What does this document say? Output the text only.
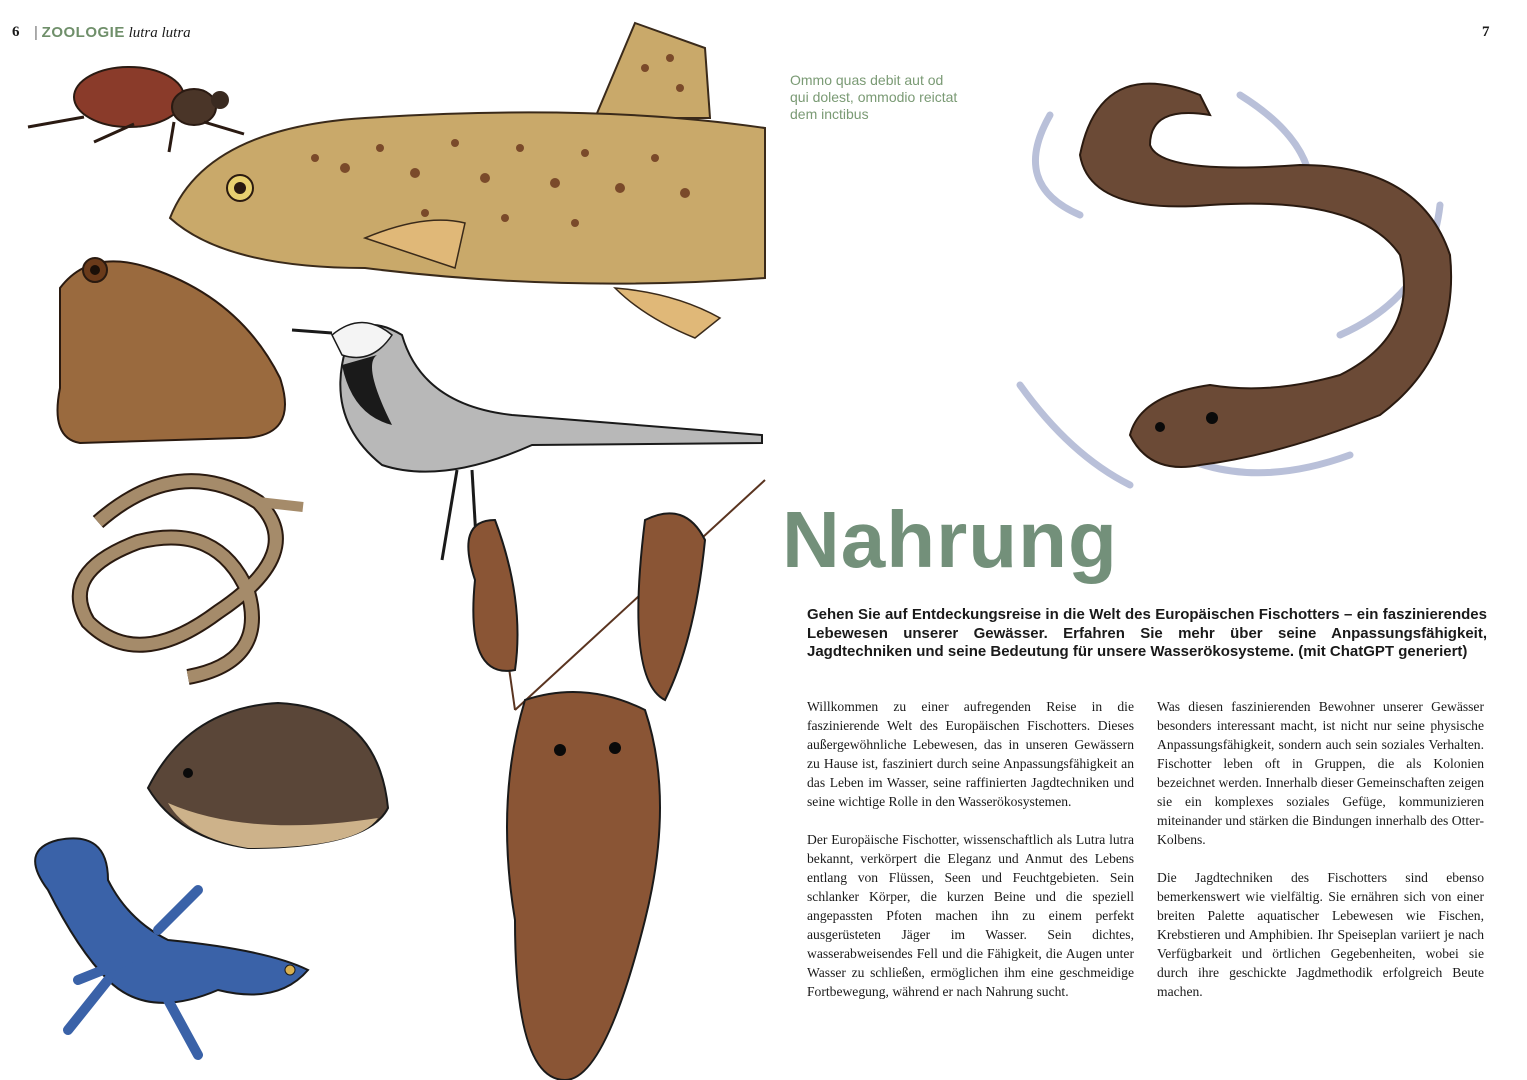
6 | ZOOLOGIE lutra lutra	7
Ommo quas debit aut od qui dolest, ommodio reictat dem inctibus
Nahrung
Gehen Sie auf Entdeckungsreise in die Welt des Europäischen Fischotters – ein faszinierendes Lebewesen unserer Gewässer. Erfahren Sie mehr über seine Anpassungsfähigkeit, Jagdtechniken und seine Bedeutung für unsere Wasserökosysteme. (mit ChatGPT generiert)

Willkommen zu einer aufregenden Reise in die faszinierende Welt des Europäischen Fischotters. Dieses außergewöhnliche Lebewesen, das in unseren Gewässern zu Hause ist, fasziniert durch seine Anpassungsfähigkeit an das Leben im Wasser, seine raffinierten Jagdtechniken und seine wichtige Rolle in den Wasserökosystemen.

Der Europäische Fischotter, wissenschaftlich als Lutra lutra bekannt, verkörpert die Eleganz und Anmut des Lebens entlang von Flüssen, Seen und Feuchtgebieten. Sein schlanker Körper, die kurzen Beine und die speziell angepassten Pfoten machen ihn zu einem perfekt ausgerüsteten Jäger im Wasser. Sein dichtes, wasserabweisendes Fell und die Fähigkeit, die Augen unter Wasser zu schließen, ermöglichen ihm eine geschmeidige Fortbewegung, während er nach Nahrung sucht.

Was diesen faszinierenden Bewohner unserer Gewässer besonders interessant macht, ist nicht nur seine physische Anpassungsfähigkeit, sondern auch sein soziales Verhalten. Fischotter leben oft in Gruppen, die als Kolonien bezeichnet werden. Innerhalb dieser Gemeinschaften zeigen sie ein komplexes soziales Gefüge, kommunizieren miteinander und stärken die Bindungen innerhalb des Otter-Kolbens.

Die Jagdtechniken des Fischotters sind ebenso bemerkenswert wie vielfältig. Sie ernähren sich von einer breiten Palette aquatischer Lebewesen wie Fischen, Krebstieren und Amphibien. Ihr Speiseplan variiert je nach Verfügbarkeit und örtlichen Gegebenheiten, wobei sie durch ihre geschickte Jagdmethodik erfolgreich Beute machen.
